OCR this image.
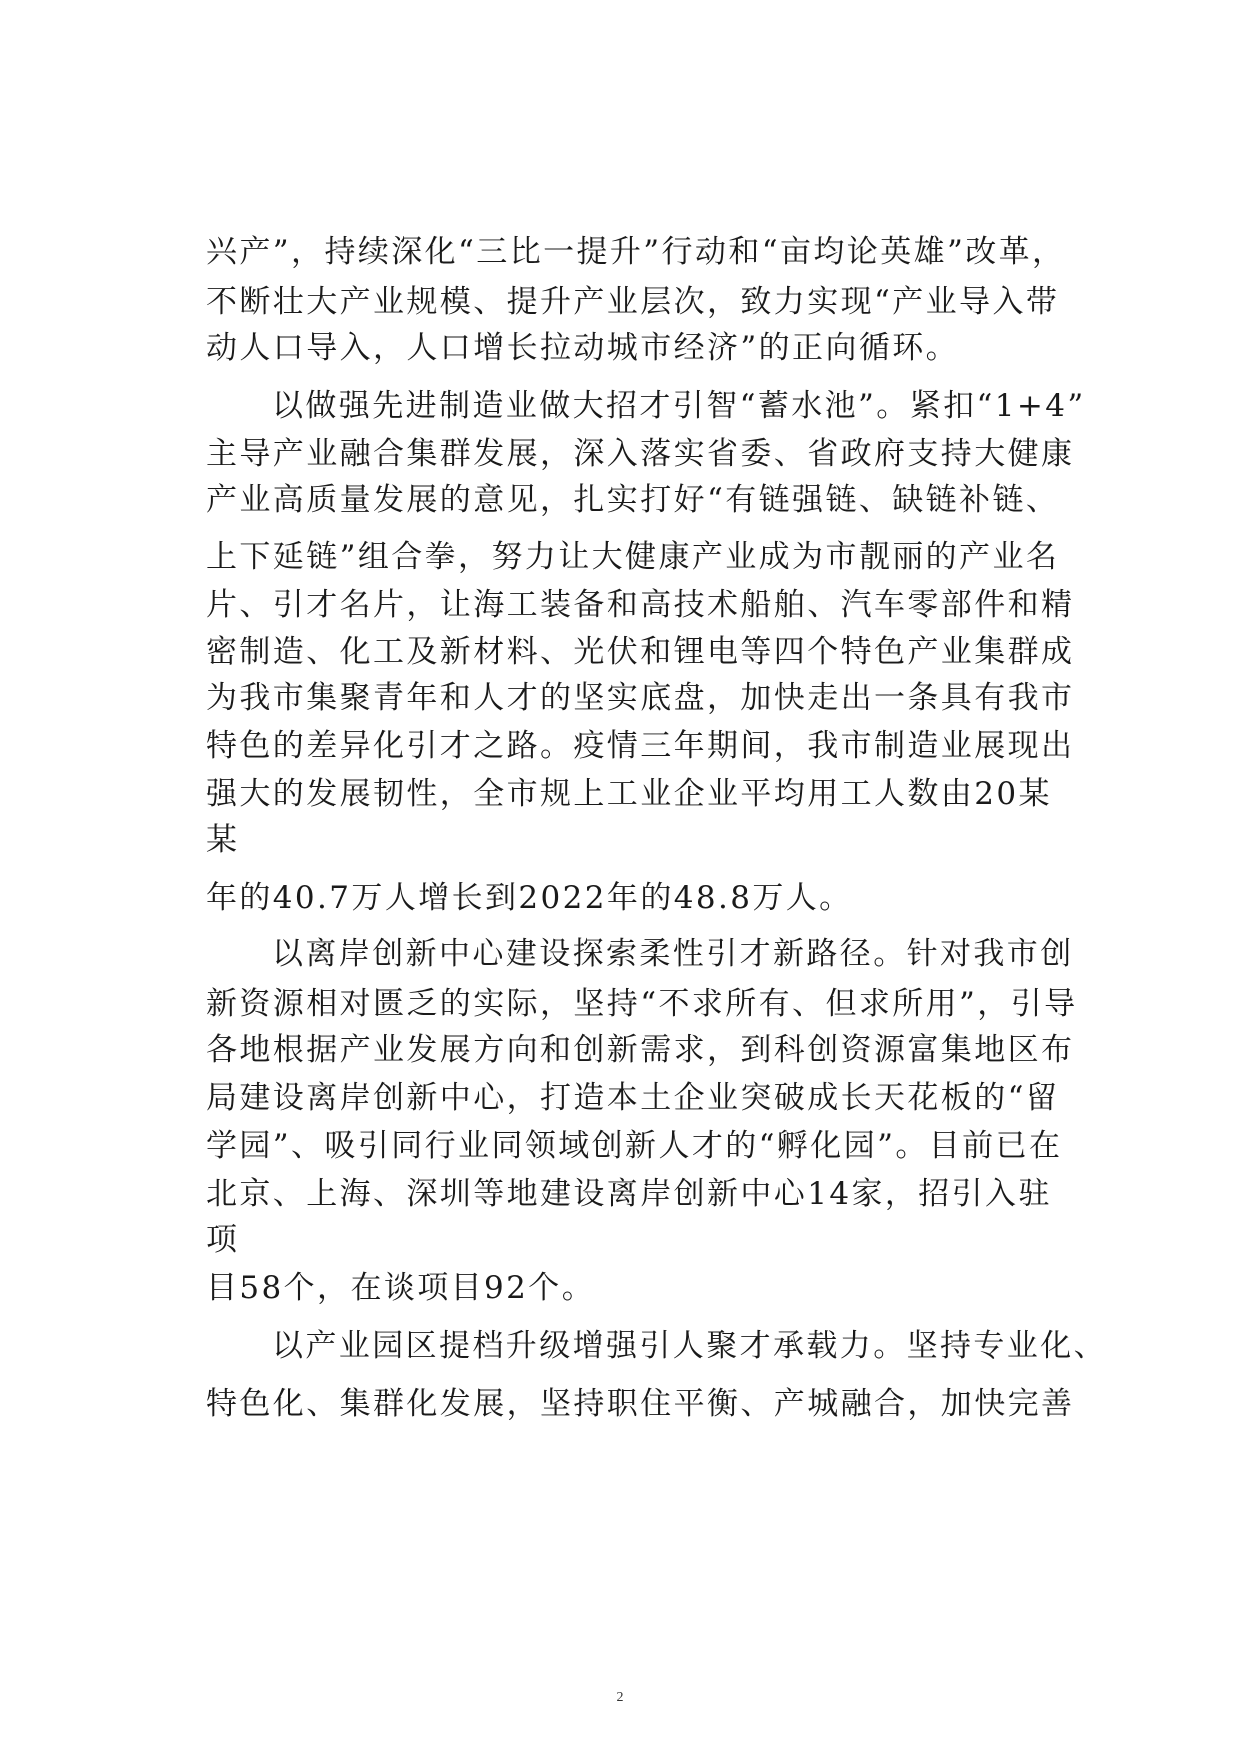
兴产”，持续深化“三比一提升”行动和“亩均论英雄”改革，
不断壮大产业规模、提升产业层次，致力实现“产业导入带
动人口导入，人口增长拉动城市经济”的正向循环。
以做强先进制造业做大招才引智“蓄水池”。紧扣“1+4”
主导产业融合集群发展，深入落实省委、省政府支持大健康
产业高质量发展的意见，扎实打好“有链强链、缺链补链、
上下延链”组合拳，努力让大健康产业成为市靓丽的产业名
片、引才名片，让海工装备和高技术船舶、汽车零部件和精
密制造、化工及新材料、光伏和锂电等四个特色产业集群成
为我市集聚青年和人才的坚实底盘，加快走出一条具有我市
特色的差异化引才之路。疫情三年期间，我市制造业展现出
强大的发展韧性，全市规上工业企业平均用工人数由20某
某
年的40.7万人增长到2022年的48.8万人。
以离岸创新中心建设探索柔性引才新路径。针对我市创
新资源相对匮乏的实际，坚持“不求所有、但求所用”，引导
各地根据产业发展方向和创新需求，到科创资源富集地区布
局建设离岸创新中心，打造本土企业突破成长天花板的“留
学园”、吸引同行业同领域创新人才的“孵化园”。目前已在
北京、上海、深圳等地建设离岸创新中心14家，招引入驻
项
目58个，在谈项目92个。
以产业园区提档升级增强引人聚才承载力。坚持专业化、
特色化、集群化发展，坚持职住平衡、产城融合，加快完善
2
